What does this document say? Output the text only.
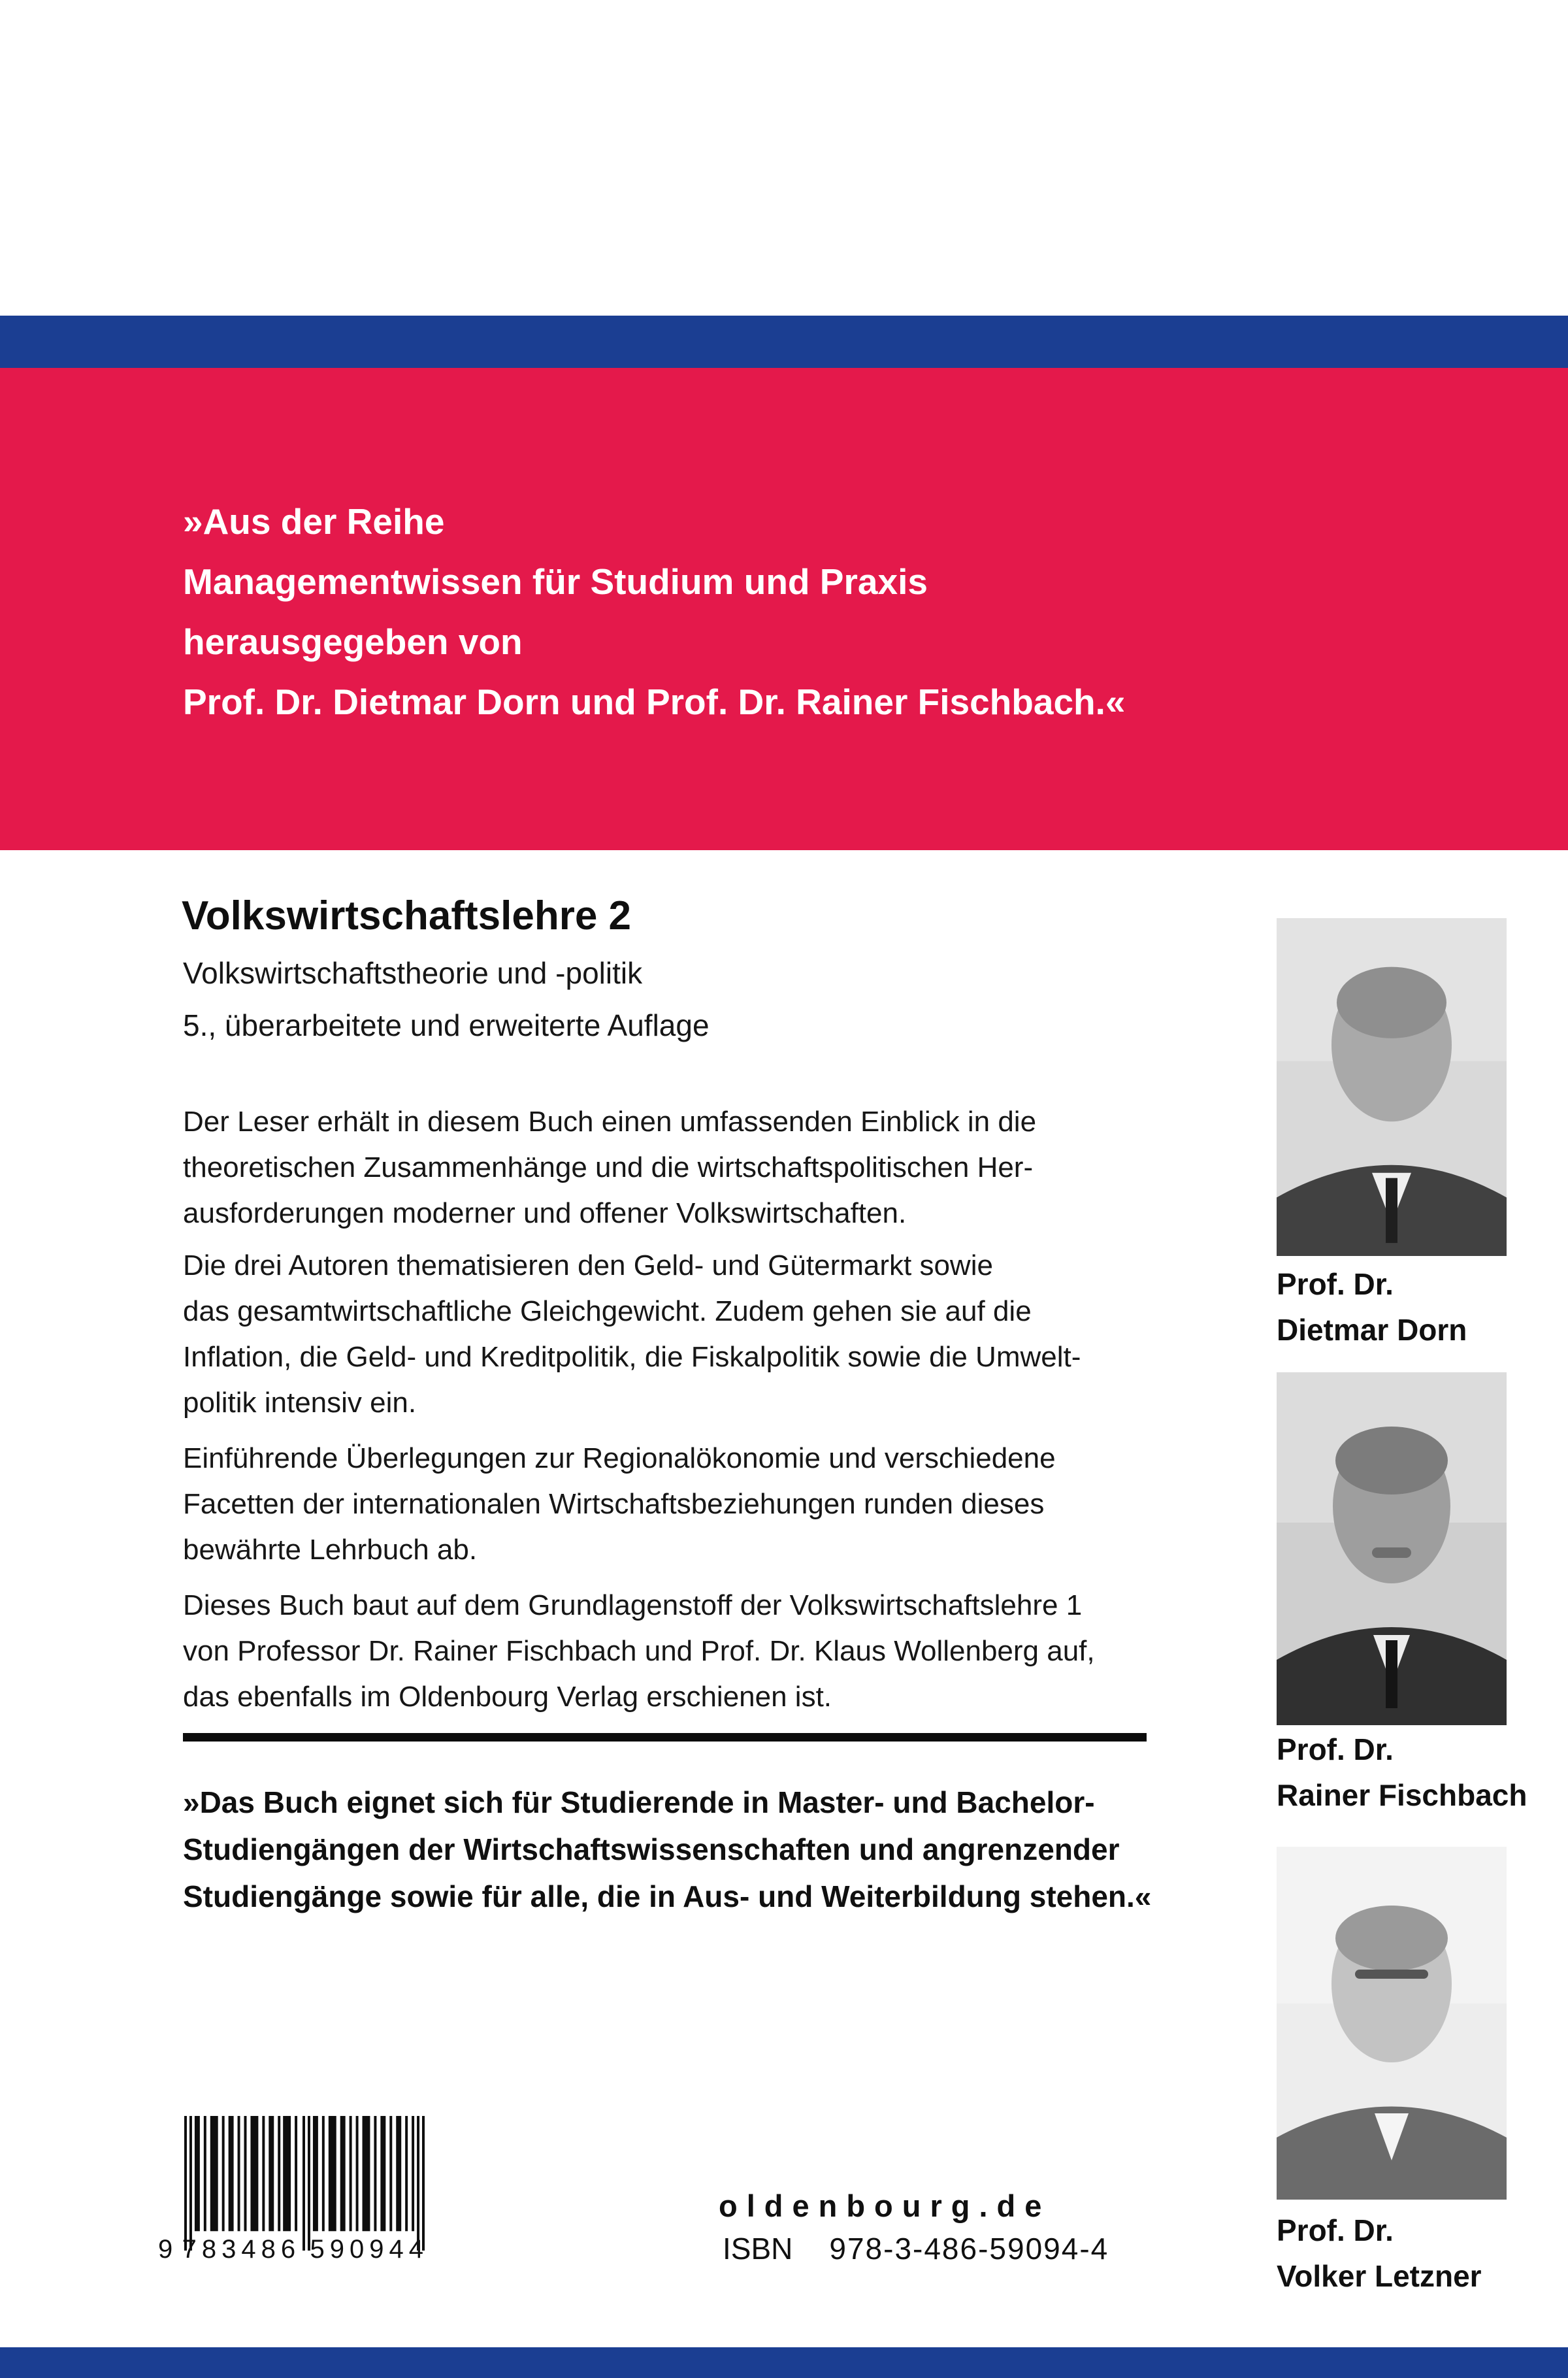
»Aus der Reihe
Managementwissen für Studium und Praxis
herausgegeben von
Prof. Dr. Dietmar Dorn und Prof. Dr. Rainer Fischbach.«
Volkswirtschaftslehre 2
Volkswirtschaftstheorie und -politik
5., überarbeitete und erweiterte Auflage
Der Leser erhält in diesem Buch einen umfassenden Einblick in die
theoretischen Zusammenhänge und die wirtschaftspolitischen Her-
ausforderungen moderner und offener Volkswirtschaften.
Die drei Autoren thematisieren den Geld- und Gütermarkt sowie
das gesamtwirtschaftliche Gleichgewicht. Zudem gehen sie auf die
Inflation, die Geld- und Kreditpolitik, die Fiskalpolitik sowie die Umwelt-
politik intensiv ein.
Einführende Überlegungen zur Regionalökonomie und verschiedene
Facetten der internationalen Wirtschaftsbeziehungen runden dieses
bewährte Lehrbuch ab.
Dieses Buch baut auf dem Grundlagenstoff der Volkswirtschaftslehre 1
von Professor Dr. Rainer Fischbach und Prof. Dr. Klaus Wollenberg auf,
das ebenfalls im Oldenbourg Verlag erschienen ist.
»Das Buch eignet sich für Studierende in Master- und Bachelor-
Studiengängen der Wirtschaftswissenschaften und angrenzender
Studiengänge sowie für alle, die in Aus- und Weiterbildung stehen.«
Prof. Dr.
Dietmar Dorn
Prof. Dr.
Rainer Fischbach
Prof. Dr.
Volker Letzner
9 783486 590944
oldenbourg.de
ISBN 978-3-486-59094-4
